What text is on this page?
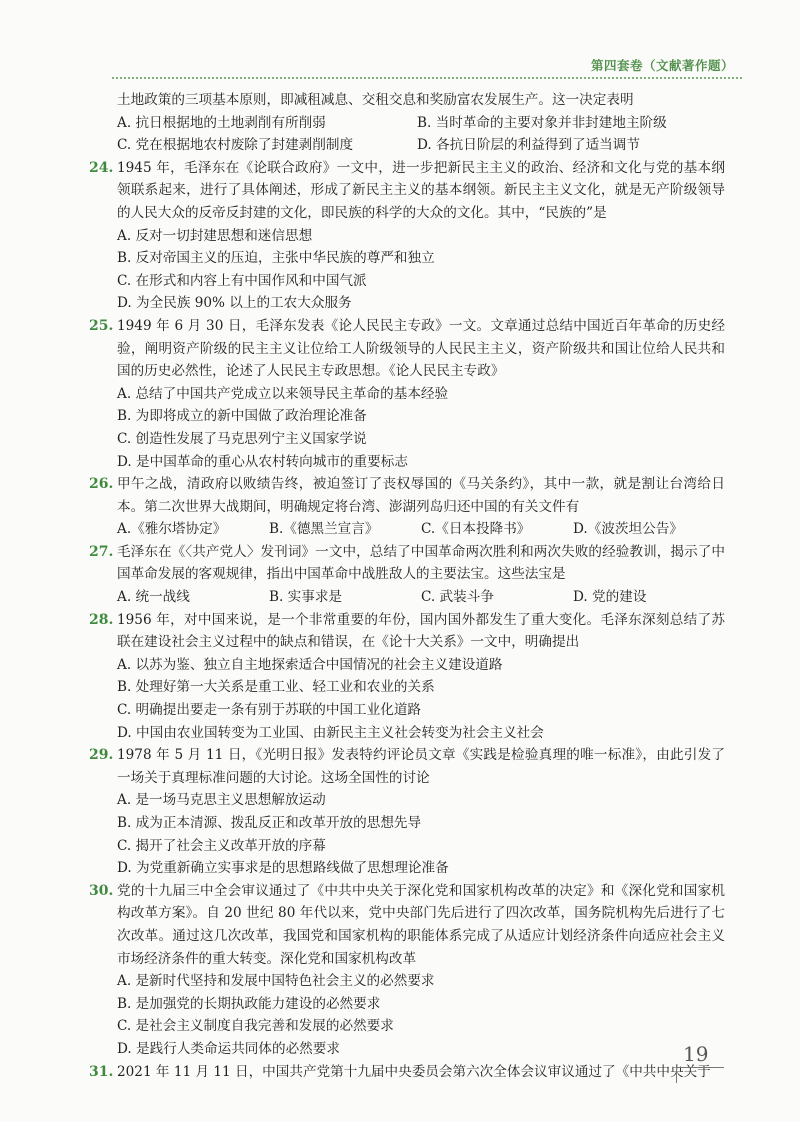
第四套卷（文献著作题）
土地政策的三项基本原则，即减租减息、交租交息和奖励富农发展生产。这一决定表明
A. 抗日根据地的土地剥削有所削弱	B. 当时革命的主要对象并非封建地主阶级
C. 党在根据地农村废除了封建剥削制度	D. 各抗日阶层的利益得到了适当调节
24. 1945 年，毛泽东在《论联合政府》一文中，进一步把新民主主义的政治、经济和文化与党的基本纲领联系起来，进行了具体阐述，形成了新民主主义的基本纲领。新民主主义文化，就是无产阶级领导的人民大众的反帝反封建的文化，即民族的科学的大众的文化。其中，“民族的”是
A. 反对一切封建思想和迷信思想
B. 反对帝国主义的压迫，主张中华民族的尊严和独立
C. 在形式和内容上有中国作风和中国气派
D. 为全民族 90% 以上的工农大众服务
25. 1949 年 6 月 30 日，毛泽东发表《论人民民主专政》一文。文章通过总结中国近百年革命的历史经验，阐明资产阶级的民主主义让位给工人阶级领导的人民民主主义，资产阶级共和国让位给人民共和国的历史必然性，论述了人民民主专政思想。《论人民民主专政》
A. 总结了中国共产党成立以来领导民主革命的基本经验
B. 为即将成立的新中国做了政治理论准备
C. 创造性发展了马克思列宁主义国家学说
D. 是中国革命的重心从农村转向城市的重要标志
26. 甲午之战，清政府以败绩告终，被迫签订了丧权辱国的《马关条约》，其中一款，就是割让台湾给日本。第二次世界大战期间，明确规定将台湾、澎湖列岛归还中国的有关文件有
A.《雅尔塔协定》	B.《德黑兰宣言》	C.《日本投降书》	D.《波茨坦公告》
27. 毛泽东在《〈共产党人〉发刊词》一文中，总结了中国革命两次胜利和两次失败的经验教训，揭示了中国革命发展的客观规律，指出中国革命中战胜敌人的主要法宝。这些法宝是
A. 统一战线	B. 实事求是	C. 武装斗争	D. 党的建设
28. 1956 年，对中国来说，是一个非常重要的年份，国内国外都发生了重大变化。毛泽东深刻总结了苏联在建设社会主义过程中的缺点和错误，在《论十大关系》一文中，明确提出
A. 以苏为鉴、独立自主地探索适合中国情况的社会主义建设道路
B. 处理好第一大关系是重工业、轻工业和农业的关系
C. 明确提出要走一条有别于苏联的中国工业化道路
D. 中国由农业国转变为工业国、由新民主主义社会转变为社会主义社会
29. 1978 年 5 月 11 日，《光明日报》发表特约评论员文章《实践是检验真理的唯一标准》，由此引发了一场关于真理标准问题的大讨论。这场全国性的讨论
A. 是一场马克思主义思想解放运动
B. 成为正本清源、拨乱反正和改革开放的思想先导
C. 揭开了社会主义改革开放的序幕
D. 为党重新确立实事求是的思想路线做了思想理论准备
30. 党的十九届三中全会审议通过了《中共中央关于深化党和国家机构改革的决定》和《深化党和国家机构改革方案》。自 20 世纪 80 年代以来，党中央部门先后进行了四次改革，国务院机构先后进行了七次改革。通过这几次改革，我国党和国家机构的职能体系完成了从适应计划经济条件向适应社会主义市场经济条件的重大转变。深化党和国家机构改革
A. 是新时代坚持和发展中国特色社会主义的必然要求
B. 是加强党的长期执政能力建设的必然要求
C. 是社会主义制度自我完善和发展的必然要求
D. 是践行人类命运共同体的必然要求
31. 2021 年 11 月 11 日，中国共产党第十九届中央委员会第六次全体会议审议通过了《中共中央关于
19
